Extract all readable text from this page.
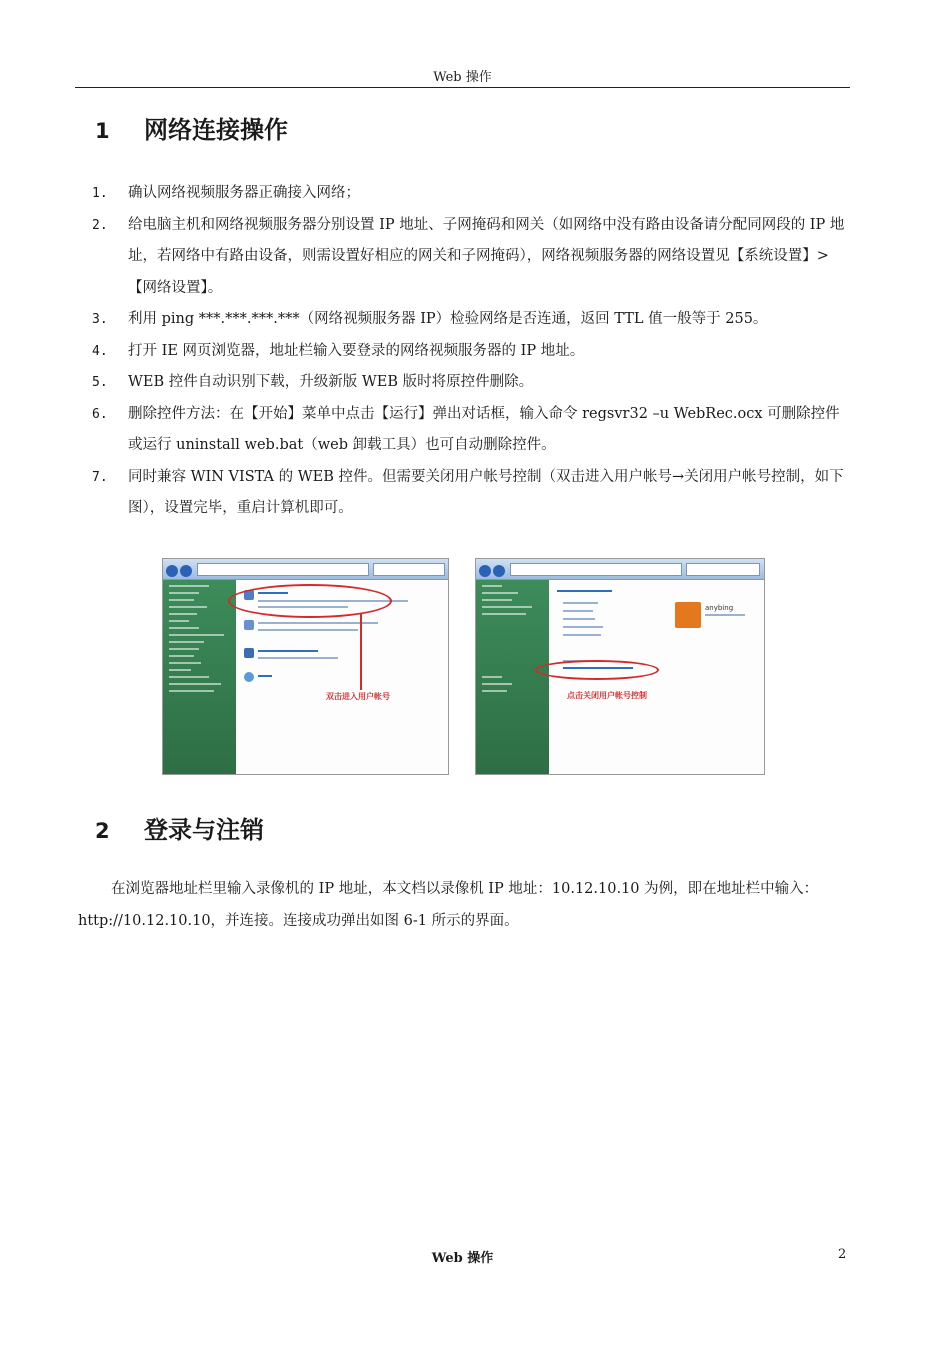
Web 操作
1 网络连接操作
1.	确认网络视频服务器正确接入网络；
2.	给电脑主机和网络视频服务器分别设置 IP 地址、子网掩码和网关（如网络中没有路由设备请分配同网段的 IP 地址，若网络中有路由设备，则需设置好相应的网关和子网掩码），网络视频服务器的网络设置见【系统设置】>【网络设置】。
3.	利用 ping ***.***.***.***（网络视频服务器 IP）检验网络是否连通，返回 TTL 值一般等于 255。
4.	打开 IE 网页浏览器，地址栏输入要登录的网络视频服务器的 IP 地址。
5.	WEB 控件自动识别下载，升级新版 WEB 版时将原控件删除。
6.	删除控件方法：在【开始】菜单中点击【运行】弹出对话框，输入命令 regsvr32 –u WebRec.ocx 可删除控件或运行 uninstall web.bat（web 卸载工具）也可自动删除控件。
7.	同时兼容 WIN VISTA 的 WEB 控件。但需要关闭用户帐号控制（双击进入用户帐号→关闭用户帐号控制，如下图），设置完毕，重启计算机即可。
双击进入用户帐号
anybing
点击关闭用户帐号控制
2 登录与注销

在浏览器地址栏里输入录像机的 IP 地址，本文档以录像机 IP 地址：10.12.10.10 为例，即在地址栏中输入：http://10.12.10.10，并连接。连接成功弹出如图 6-1 所示的界面。

Web 操作	2
